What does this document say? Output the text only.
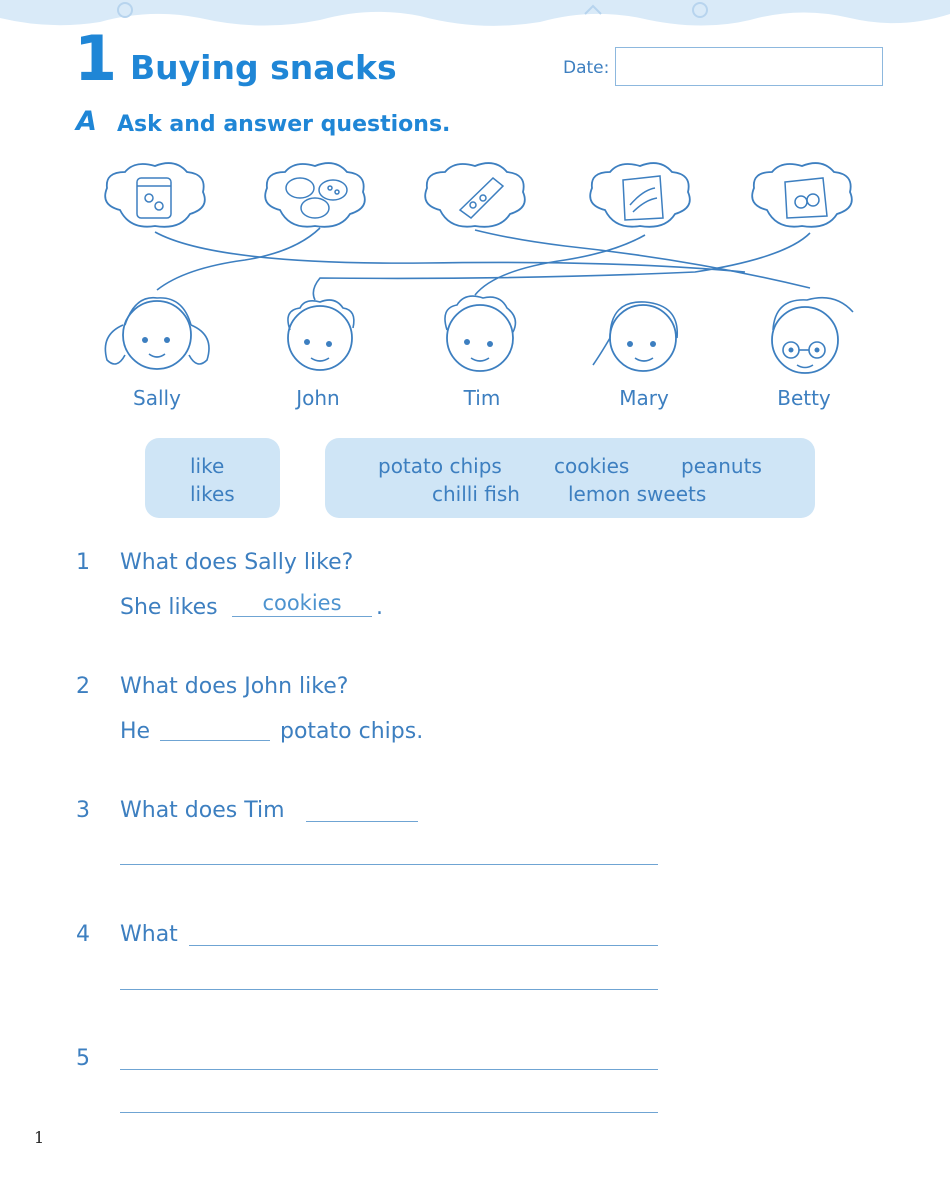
1 Buying snacks	Date:
A Ask and answer questions.
Sally	John	Tim	Mary	Betty
like
likes
potato chips	cookies	peanuts
chilli fish lemon sweets
1 What does Sally like?
She likes	cookies	.
2 What does John like?
He	potato chips.
3 What does Tim
4 What
5
1
